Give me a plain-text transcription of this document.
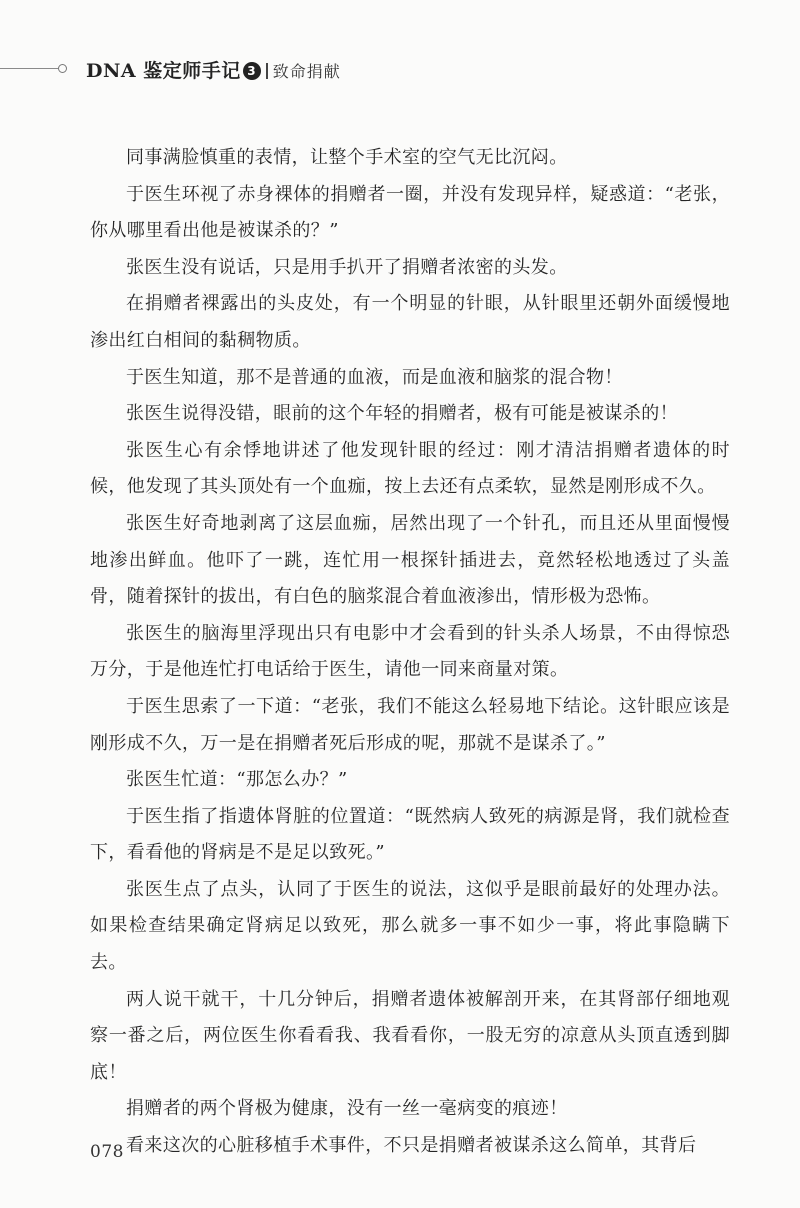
DNA 鉴定师手记 3 致命捐献

同事满脸慎重的表情，让整个手术室的空气无比沉闷。

于医生环视了赤身裸体的捐赠者一圈，并没有发现异样，疑惑道：“老张，你从哪里看出他是被谋杀的？”

张医生没有说话，只是用手扒开了捐赠者浓密的头发。

在捐赠者裸露出的头皮处，有一个明显的针眼，从针眼里还朝外面缓慢地渗出红白相间的黏稠物质。

于医生知道，那不是普通的血液，而是血液和脑浆的混合物！

张医生说得没错，眼前的这个年轻的捐赠者，极有可能是被谋杀的！

张医生心有余悸地讲述了他发现针眼的经过：刚才清洁捐赠者遗体的时候，他发现了其头顶处有一个血痂，按上去还有点柔软，显然是刚形成不久。

张医生好奇地剥离了这层血痂，居然出现了一个针孔，而且还从里面慢慢地渗出鲜血。他吓了一跳，连忙用一根探针插进去，竟然轻松地透过了头盖骨，随着探针的拔出，有白色的脑浆混合着血液渗出，情形极为恐怖。

张医生的脑海里浮现出只有电影中才会看到的针头杀人场景，不由得惊恐万分，于是他连忙打电话给于医生，请他一同来商量对策。

于医生思索了一下道：“老张，我们不能这么轻易地下结论。这针眼应该是刚形成不久，万一是在捐赠者死后形成的呢，那就不是谋杀了。”

张医生忙道：“那怎么办？”

于医生指了指遗体肾脏的位置道：“既然病人致死的病源是肾，我们就检查下，看看他的肾病是不是足以致死。”

张医生点了点头，认同了于医生的说法，这似乎是眼前最好的处理办法。如果检查结果确定肾病足以致死，那么就多一事不如少一事，将此事隐瞒下去。

两人说干就干，十几分钟后，捐赠者遗体被解剖开来，在其肾部仔细地观察一番之后，两位医生你看看我、我看看你，一股无穷的凉意从头顶直透到脚底！

捐赠者的两个肾极为健康，没有一丝一毫病变的痕迹！

看来这次的心脏移植手术事件，不只是捐赠者被谋杀这么简单，其背后

078
